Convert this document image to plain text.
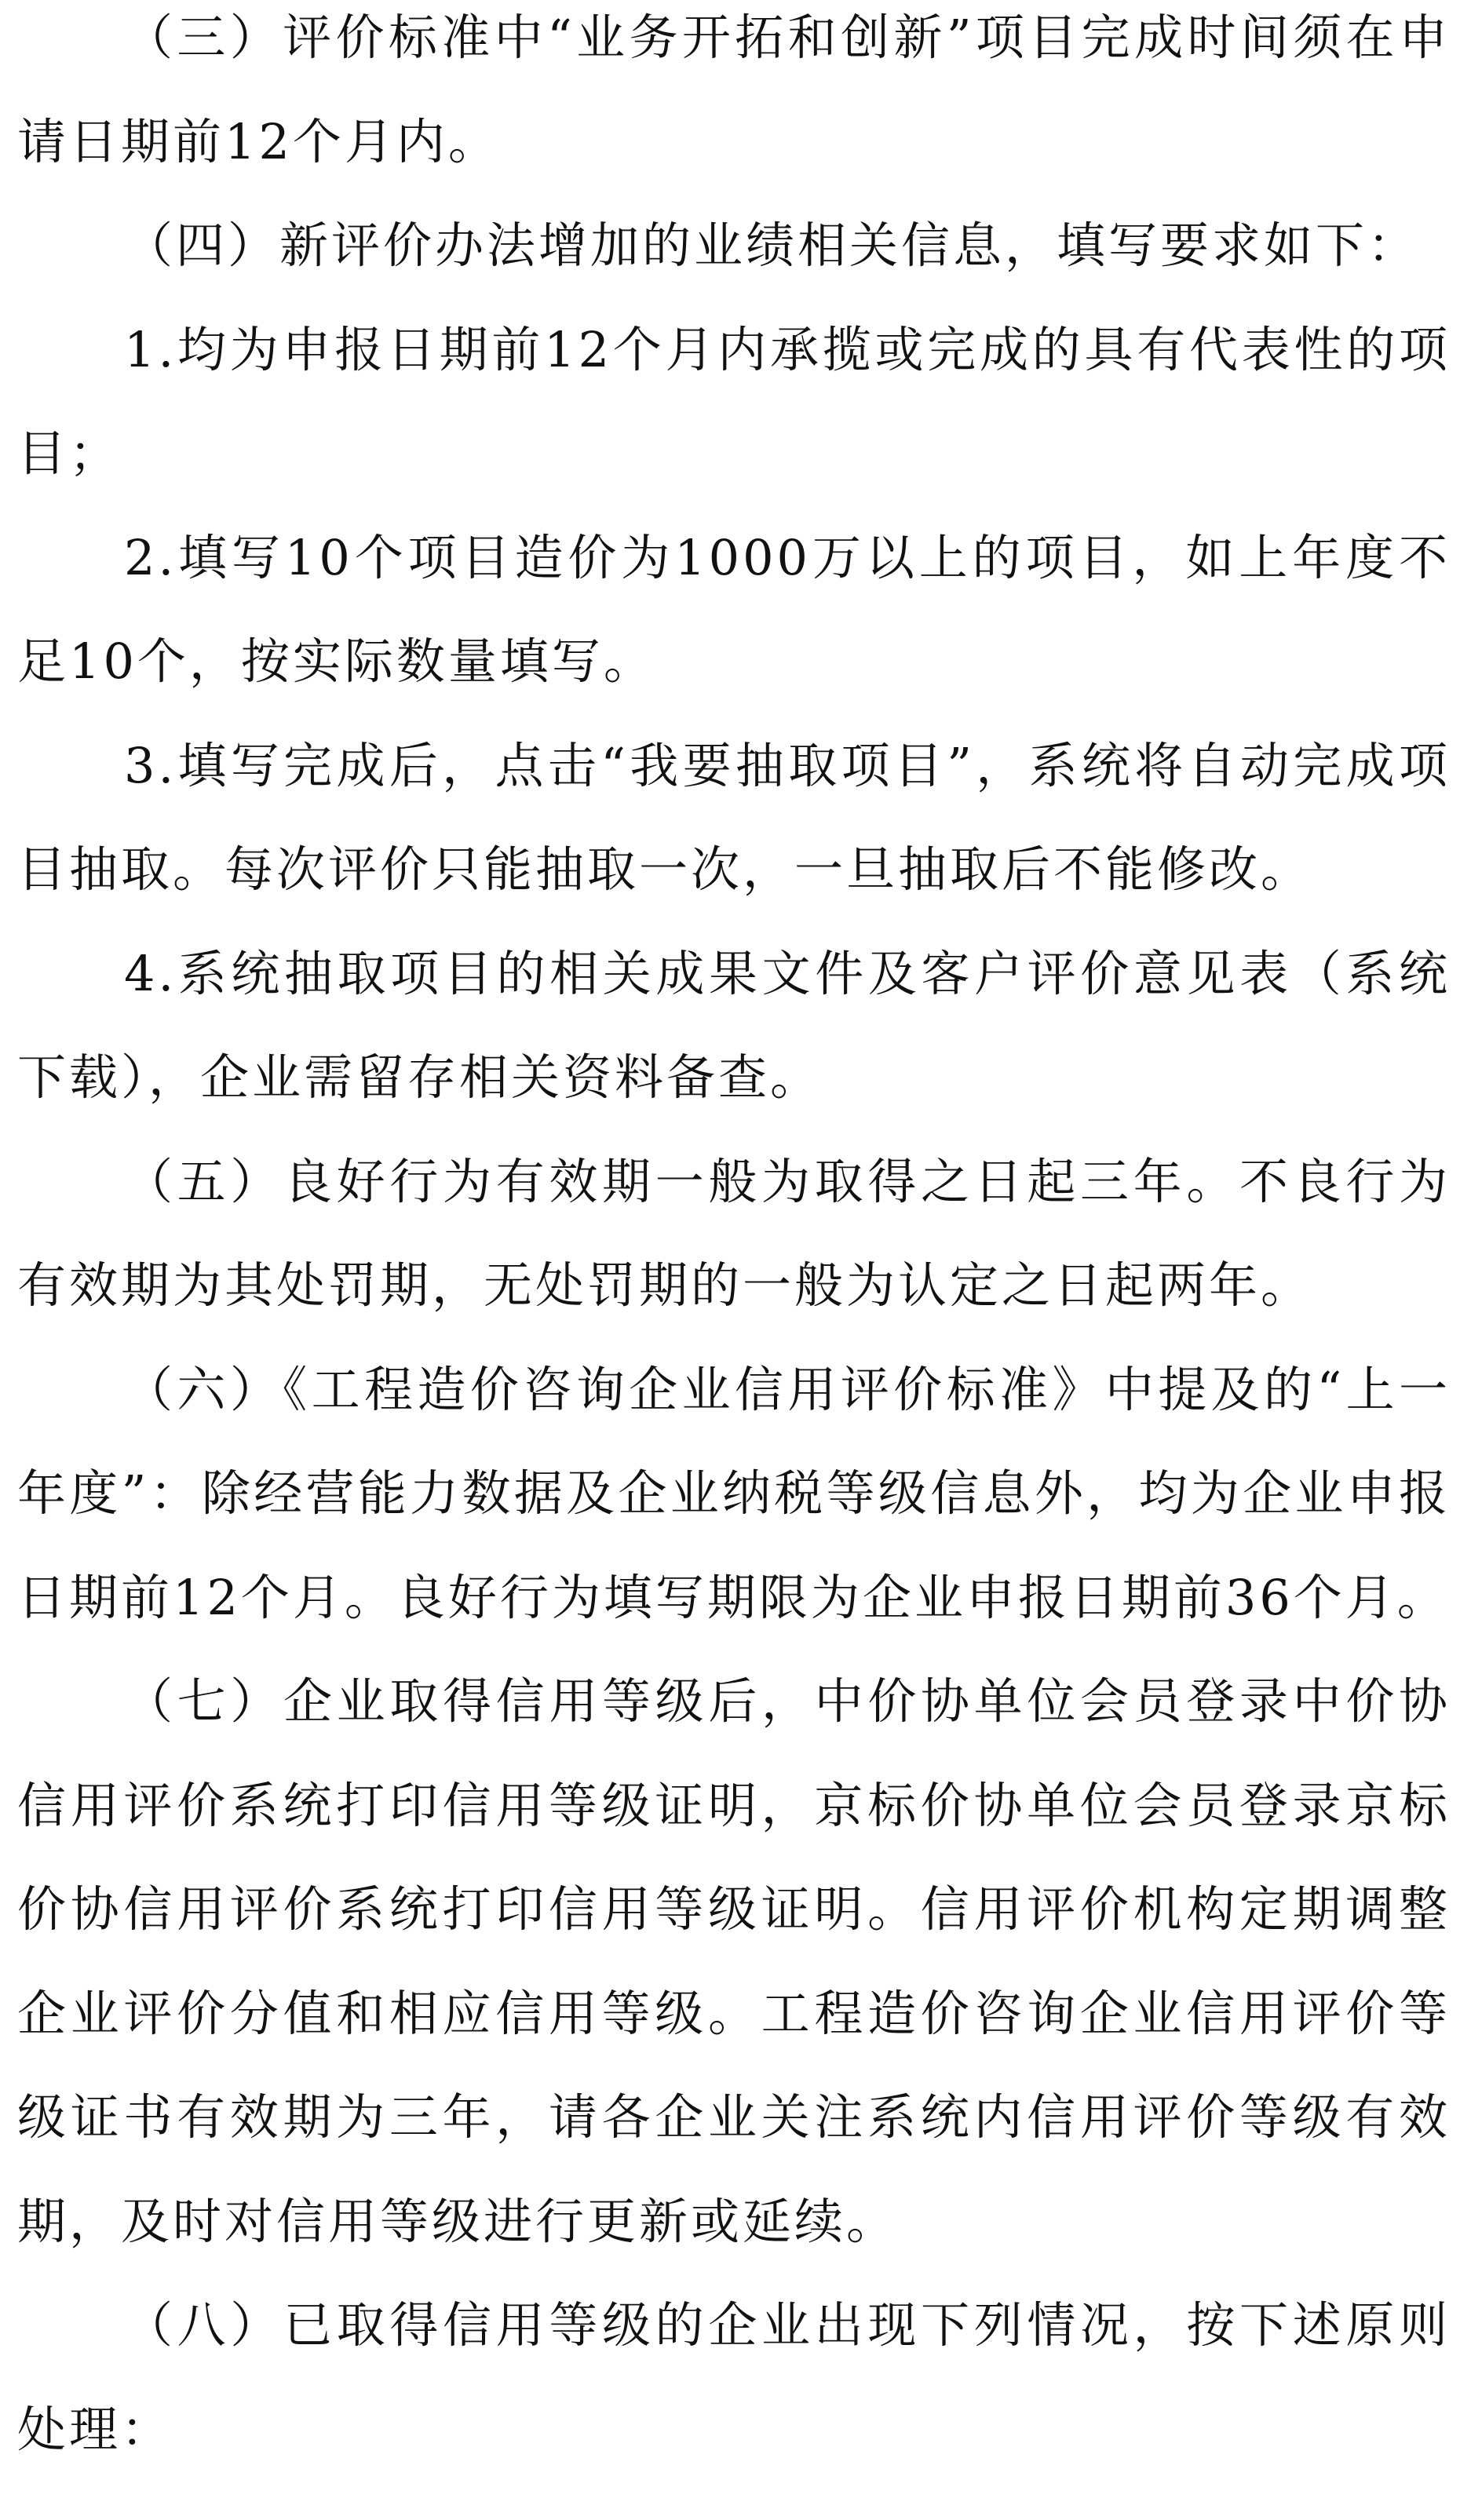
（三）评价标准中“业务开拓和创新”项目完成时间须在申请日期前12个月内。

（四）新评价办法增加的业绩相关信息，填写要求如下：

1.均为申报日期前12个月内承揽或完成的具有代表性的项目；

2.填写10个项目造价为1000万以上的项目，如上年度不足10个，按实际数量填写。

3.填写完成后，点击“我要抽取项目”，系统将自动完成项目抽取。每次评价只能抽取一次，一旦抽取后不能修改。

4.系统抽取项目的相关成果文件及客户评价意见表（系统下载），企业需留存相关资料备查。

（五）良好行为有效期一般为取得之日起三年。不良行为有效期为其处罚期，无处罚期的一般为认定之日起两年。

（六）《工程造价咨询企业信用评价标准》中提及的“上一年度”：除经营能力数据及企业纳税等级信息外，均为企业申报日期前12个月。良好行为填写期限为企业申报日期前36个月。

（七）企业取得信用等级后，中价协单位会员登录中价协信用评价系统打印信用等级证明，京标价协单位会员登录京标价协信用评价系统打印信用等级证明。信用评价机构定期调整企业评价分值和相应信用等级。工程造价咨询企业信用评价等级证书有效期为三年，请各企业关注系统内信用评价等级有效期，及时对信用等级进行更新或延续。

（八）已取得信用等级的企业出现下列情况，按下述原则处理：
